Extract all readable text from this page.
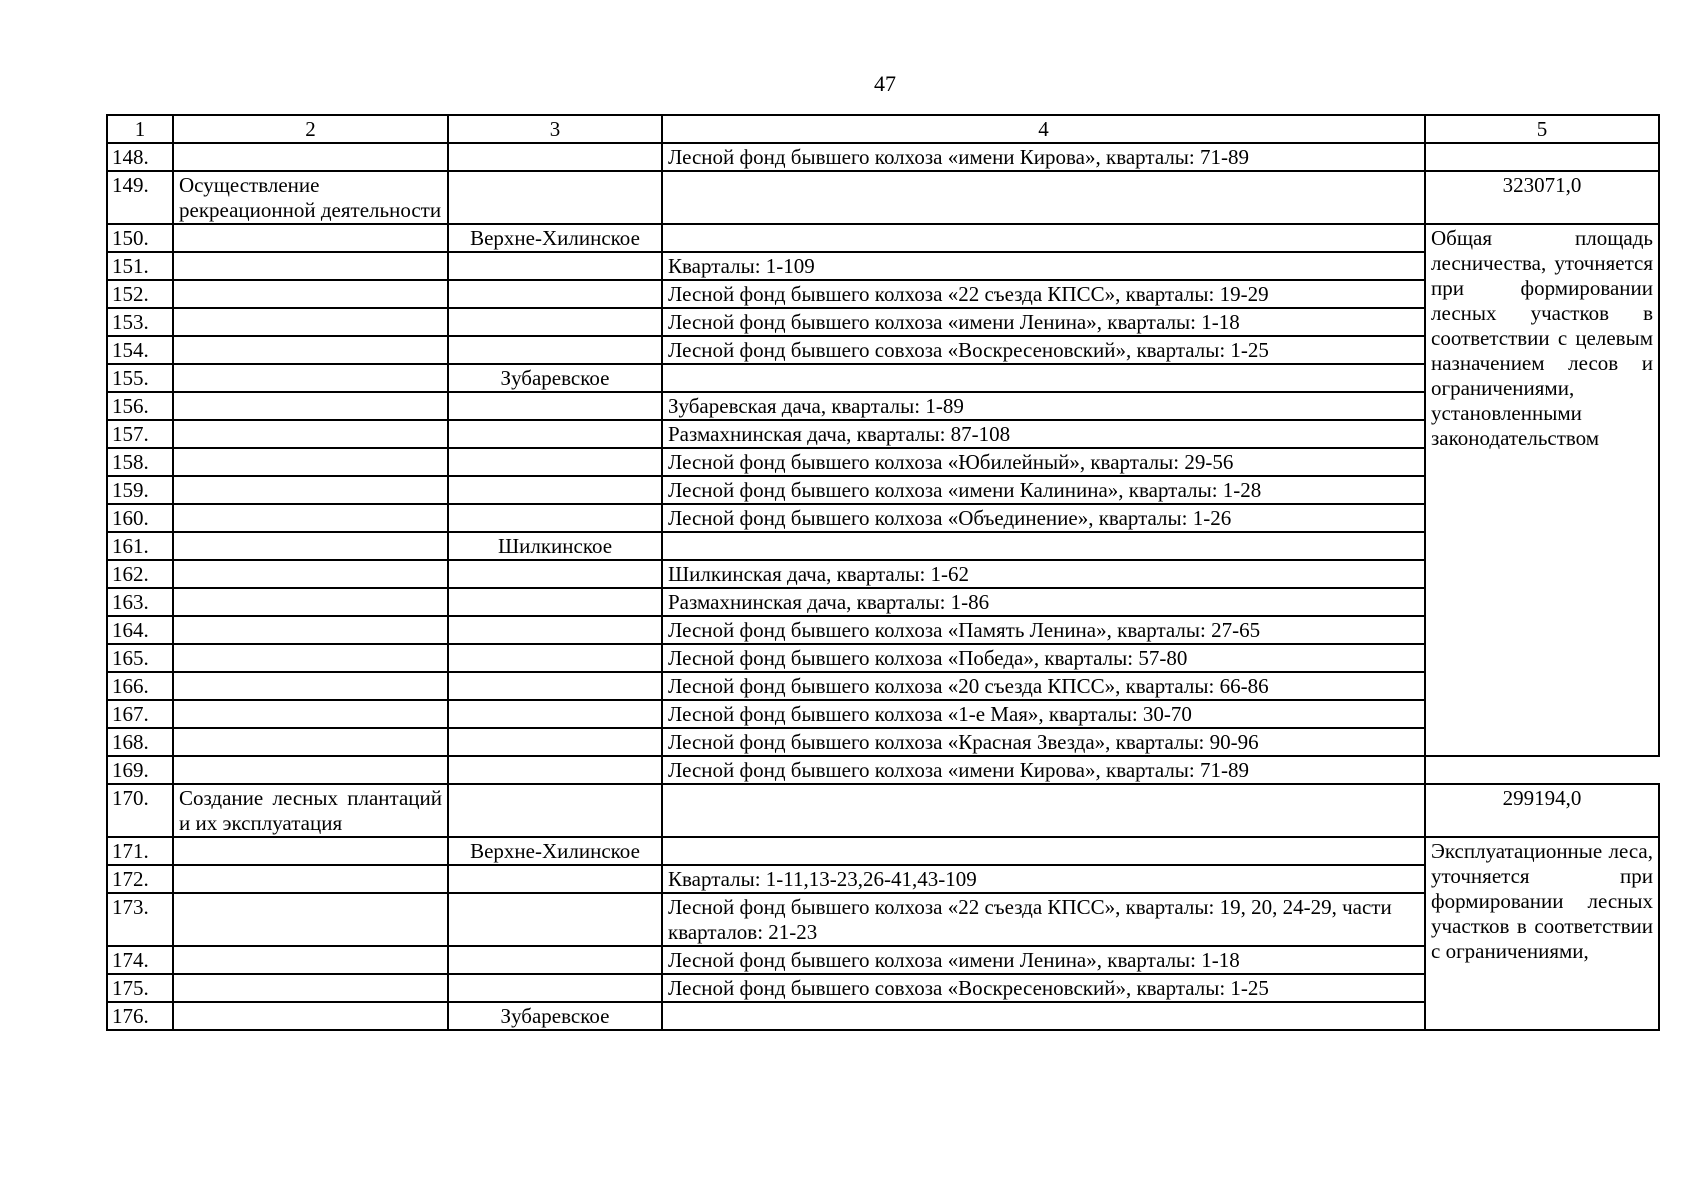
47
1	2	3	4	5
148.			Лесной фонд бывшего колхоза «имени Кирова», кварталы: 71-89	
149.	Осуществление рекреационной деятельности			323071,0
150.		Верхне-Хилинское		Общая площадь лесничества, уточняется при формировании лесных участков в соответствии с целевым назначением лесов и ограничениями, установленными законодательством
151.			Кварталы: 1-109	
152.			Лесной фонд бывшего колхоза «22 съезда КПСС», кварталы: 19-29	
153.			Лесной фонд бывшего колхоза «имени Ленина», кварталы: 1-18	
154.			Лесной фонд бывшего совхоза «Воскресеновский», кварталы: 1-25	
155.		Зубаревское		
156.			Зубаревская дача, кварталы: 1-89	
157.			Размахнинская дача, кварталы: 87-108	
158.			Лесной фонд бывшего колхоза «Юбилейный», кварталы: 29-56	
159.			Лесной фонд бывшего колхоза «имени Калинина», кварталы: 1-28	
160.			Лесной фонд бывшего колхоза «Объединение», кварталы: 1-26	
161.		Шилкинское		
162.			Шилкинская дача, кварталы: 1-62	
163.			Размахнинская дача, кварталы: 1-86	
164.			Лесной фонд бывшего колхоза «Память Ленина», кварталы: 27-65	
165.			Лесной фонд бывшего колхоза «Победа», кварталы: 57-80	
166.			Лесной фонд бывшего колхоза «20 съезда КПСС», кварталы: 66-86	
167.			Лесной фонд бывшего колхоза «1-е Мая», кварталы: 30-70	
168.			Лесной фонд бывшего колхоза «Красная Звезда», кварталы: 90-96	
169.			Лесной фонд бывшего колхоза «имени Кирова», кварталы: 71-89	
170.	Создание лесных плантаций и их эксплуатация			299194,0
171.		Верхне-Хилинское		Эксплуатационные леса, уточняется при формировании лесных участков в соответствии с ограничениями,
172.			Кварталы: 1-11,13-23,26-41,43-109	
173.			Лесной фонд бывшего колхоза «22 съезда КПСС», кварталы: 19, 20, 24-29, части кварталов: 21-23	
174.			Лесной фонд бывшего колхоза «имени Ленина», кварталы: 1-18	
175.			Лесной фонд бывшего совхоза «Воскресеновский», кварталы: 1-25	
176.		Зубаревское		
